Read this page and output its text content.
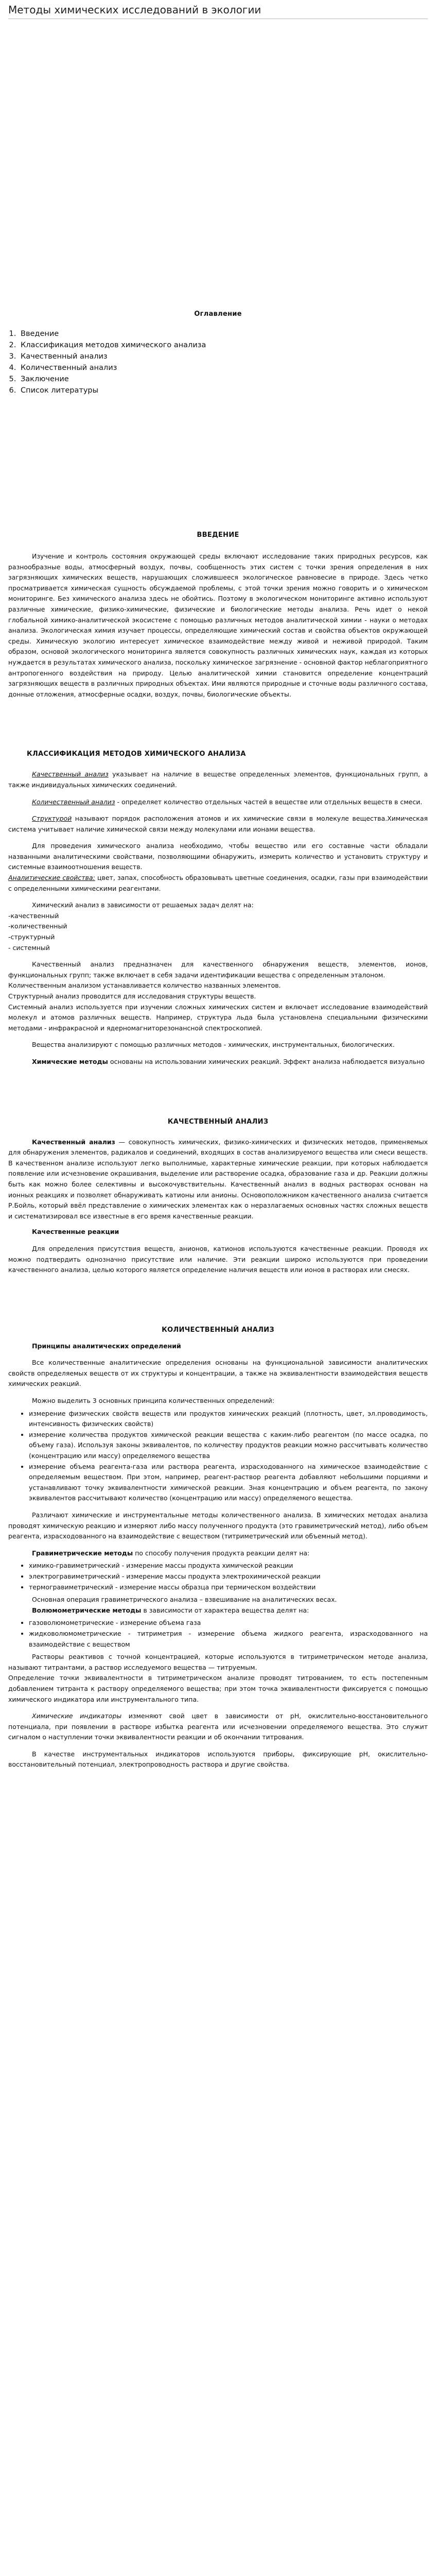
Методы химических исследований в экологии
Оглавление
1. Введение
2. Классификация методов химического анализа
3. Качественный анализ
4. Количественный анализ
5. Заключение
6. Список литературы
ВВЕДЕНИЕ

Изучение и контроль состояния окружающей среды включают исследование таких природных ресурсов, как разнообразные воды, атмосферный воздух, почвы, сообщенность этих систем с точки зрения определения в них загрязняющих химических веществ, нарушающих сложившееся экологическое равновесие в природе. Здесь четко просматривается химическая сущность обсуждаемой проблемы, с этой точки зрения можно говорить и о химическом мониторинге. Без химического анализа здесь не обойтись. Поэтому в экологическом мониторинге активно используют различные химические, физико-химические, физические и биологические методы анализа. Речь идет о некой глобальной химико-аналитической экосистеме с помощью различных методов аналитической химии - науки о методах анализа. Экологическая химия изучает процессы, определяющие химический состав и свойства объектов окружающей среды. Химическую экологию интересует химическое взаимодействие между живой и неживой природой. Таким образом, основой экологического мониторинга является совокупность различных химических наук, каждая из которых нуждается в результатах химического анализа, поскольку химическое загрязнение - основной фактор неблагоприятного антропогенного воздействия на природу. Целью аналитической химии становится определение концентраций загрязняющих веществ в различных природных объектах. Ими являются природные и сточные воды различного состава, донные отложения, атмосферные осадки, воздух, почвы, биологические объекты.

КЛАССИФИКАЦИЯ МЕТОДОВ ХИМИЧЕСКОГО АНАЛИЗА

Качественный анализ указывает на наличие в веществе определенных элементов, функциональных групп, а также индивидуальных химических соединений.

Количественный анализ - определяет количество отдельных частей в веществе или отдельных веществ в смеси.

Структурой называют порядок расположения атомов и их химические связи в молекуле вещества.Химическая система учитывает наличие химической связи между молекулами или ионами вещества.

Для проведения химического анализа необходимо, чтобы вещество или его составные части обладали названными аналитическими свойствами, позволяющими обнаружить, измерить количество и установить структуру и системные взаимоотношения веществ.

Аналитические свойства: цвет, запах, способность образовывать цветные соединения, осадки, газы при взаимодействии с определенными химическими реагентами.

Химический анализ в зависимости от решаемых задач делят на:

-качественный

-количественный

-структурный

- системный

Качественный анализ предназначен для качественного обнаружения веществ, элементов, ионов, функциональных групп; также включает в себя задачи идентификации вещества с определенным эталоном.

Количественным анализом устанавливается количество названных элементов.

Структурный анализ проводится для исследования структуры веществ.

Системный анализ используется при изучении сложных химических систем и включает исследование взаимодействий молекул и атомов различных веществ. Например, структура льда была установлена специальными физическими методами - инфракрасной и ядерномагниторезонансной спектроскопией.

Вещества анализируют с помощью различных методов - химических, инструментальных, биологических.

Химические методы основаны на использовании химических реакций. Эффект анализа наблюдается визуально

КАЧЕСТВЕННЫЙ АНАЛИЗ

Качественный анализ — совокупность химических, физико-химических и физических методов, применяемых для обнаружения элементов, радикалов и соединений, входящих в состав анализируемого вещества или смеси веществ. В качественном анализе используют легко выполнимые, характерные химические реакции, при которых наблюдается появление или исчезновение окрашивания, выделение или растворение осадка, образование газа и др. Реакции должны быть как можно более селективны и высокочувствительны. Качественный анализ в водных растворах основан на ионных реакциях и позволяет обнаруживать катионы или анионы. Основоположником качественного анализа считается Р.Бойль, который ввёл представление о химических элементах как о неразлагаемых основных частях сложных веществ и систематизировал все известные в его время качественные реакции.

Качественные реакции

Для определения присутствия веществ, анионов, катионов используются качественные реакции. Проводя их можно подтвердить однозначно присутствие или наличие. Эти реакции широко используются при проведении качественного анализа, целью которого является определение наличия веществ или ионов в растворах или смесях.

КОЛИЧЕСТВЕННЫЙ АНАЛИЗ
Принципы аналитических определений

Все количественные аналитические определения основаны на функциональной зависимости аналитических свойств определяемых веществ от их структуры и концентрации, а также на эквивалентности взаимодействия веществ химических реакций.

Можно выделить 3 основных принципа количественных определений:

• измерение физических свойств веществ или продуктов химических реакций (плотность, цвет, эл.проводимость, интенсивность физических свойств)
• измерение количества продуктов химической реакции вещества с каким-либо реагентом (по массе осадка, по объему газа). Используя законы эквивалентов, по количеству продуктов реакции можно рассчитывать количество (концентрацию или массу) определяемого вещества
• измерение объема реагента-газа или раствора реагента, израсходованного на химическое взаимодействие с определяемым веществом. При этом, например, реагент-раствор реагента добавляют небольшими порциями и устанавливают точку эквивалентности химической реакции. Зная концентрацию и объем реагента, по закону эквивалентов рассчитывают количество (концентрацию или массу) определяемого вещества.

Различают химические и инструментальные методы количественного анализа. В химических методах анализа проводят химическую реакцию и измеряют либо массу полученного продукта (это гравиметрический метод), либо объем реагента, израсходованного на взаимодействие с веществом (титриметрический или объемный метод).

Гравиметрические методы по способу получения продукта реакции делят на:

• химико-гравиметрический - измерение массы продукта химической реакции
• электрогравиметрический - измерение массы продукта электрохимической реакции
• термогравиметрический - измерение массы образца при термическом воздействии

Основная операция гравиметрического анализа – взвешивание на аналитических весах.

Волюмометрические методы в зависимости от характера вещества делят на:

• газоволюмометрические - измерение объема газа
• жидковолюмометрические - титриметрия - измерение объема жидкого реагента, израсходованного на взаимодействие с веществом

Растворы реактивов с точной концентрацией, которые используются в титриметрическом методе анализа, называют титрантами, а раствор исследуемого вещества — титруемым.

Определение точки эквивалентности в титриметрическом анализе проводят титрованием, то есть постепенным добавлением титранта к раствору определяемого вещества; при этом точка эквивалентности фиксируется с помощью химического индикатора или инструментального типа.

Химические индикаторы изменяют свой цвет в зависимости от pH, окислительно-восстановительного потенциала, при появлении в растворе избытка реагента или исчезновении определяемого вещества. Это служит сигналом о наступлении точки эквивалентности реакции и об окончании титрования.

В качестве инструментальных индикаторов используются приборы, фиксирующие pH, окислительно-восстановительный потенциал, электропроводность раствора и другие свойства.
